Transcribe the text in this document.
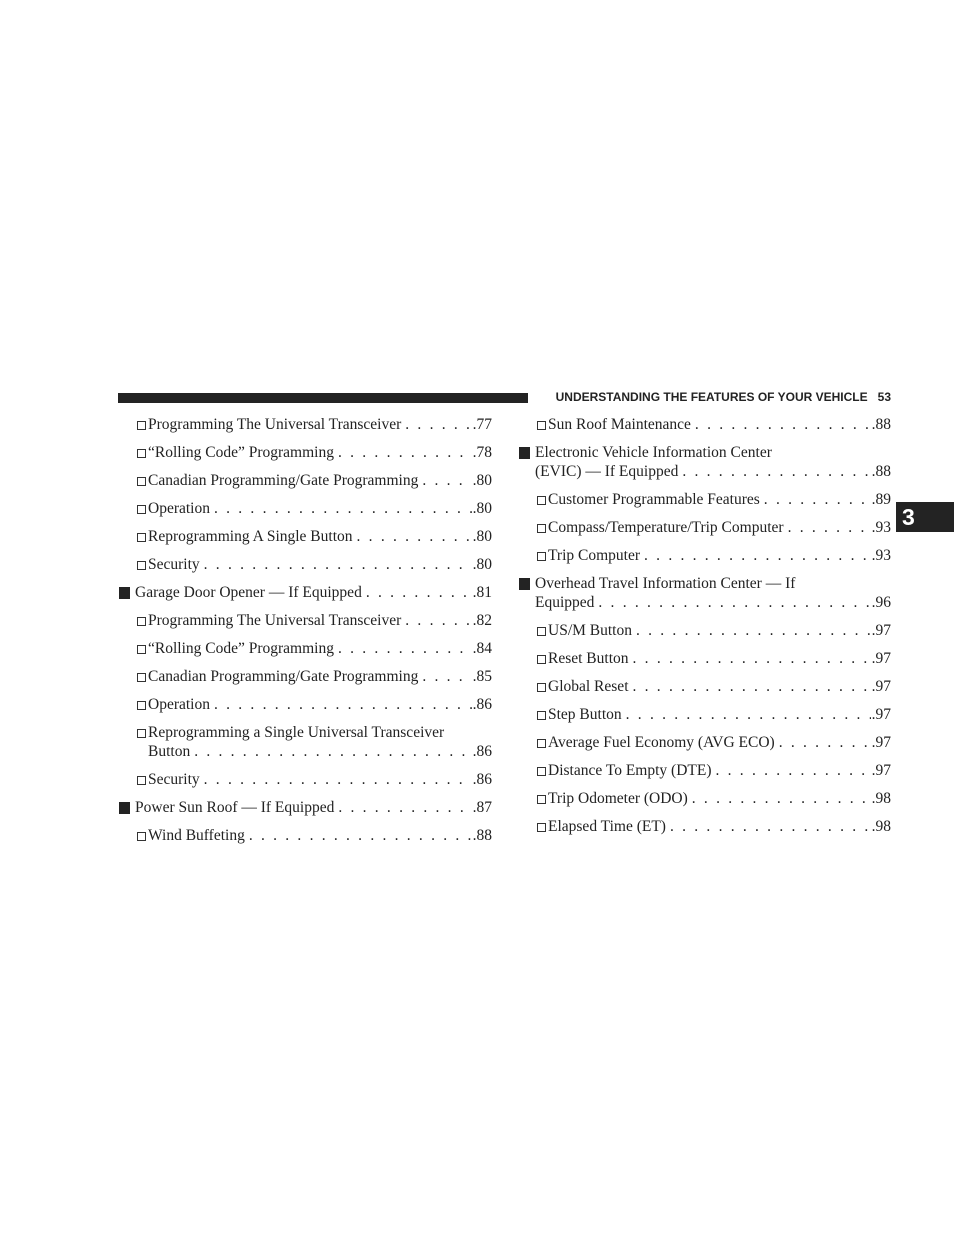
UNDERSTANDING THE FEATURES OF YOUR VEHICLE 53
3
Programming The Universal Transceiver . . .	.77
“Rolling Code” Programming . . .	.78
Canadian Programming/Gate Programming . . .	.80
Operation . . .	.80
Reprogramming A Single Button . . .	.80
Security . . .	.80
Garage Door Opener — If Equipped . . .	.81
Programming The Universal Transceiver . . .	.82
“Rolling Code” Programming . . .	.84
Canadian Programming/Gate Programming . . .	.85
Operation . . .	.86
Reprogramming a Single Universal Transceiver
Button . . .	.86
Security . . .	.86
Power Sun Roof — If Equipped . . .	.87
Wind Buffeting . . .	.88
Sun Roof Maintenance . . .	.88
Electronic Vehicle Information Center
(EVIC) — If Equipped . . .	.88
Customer Programmable Features . . .	.89
Compass/Temperature/Trip Computer . . .	.93
Trip Computer . . .	.93
Overhead Travel Information Center — If
Equipped . . .	.96
US/M Button . . .	.97
Reset Button . . .	.97
Global Reset . . .	.97
Step Button . . .	.97
Average Fuel Economy (AVG ECO) . . .	.97
Distance To Empty (DTE) . . .	.97
Trip Odometer (ODO) . . .	.98
Elapsed Time (ET) . . .	.98
